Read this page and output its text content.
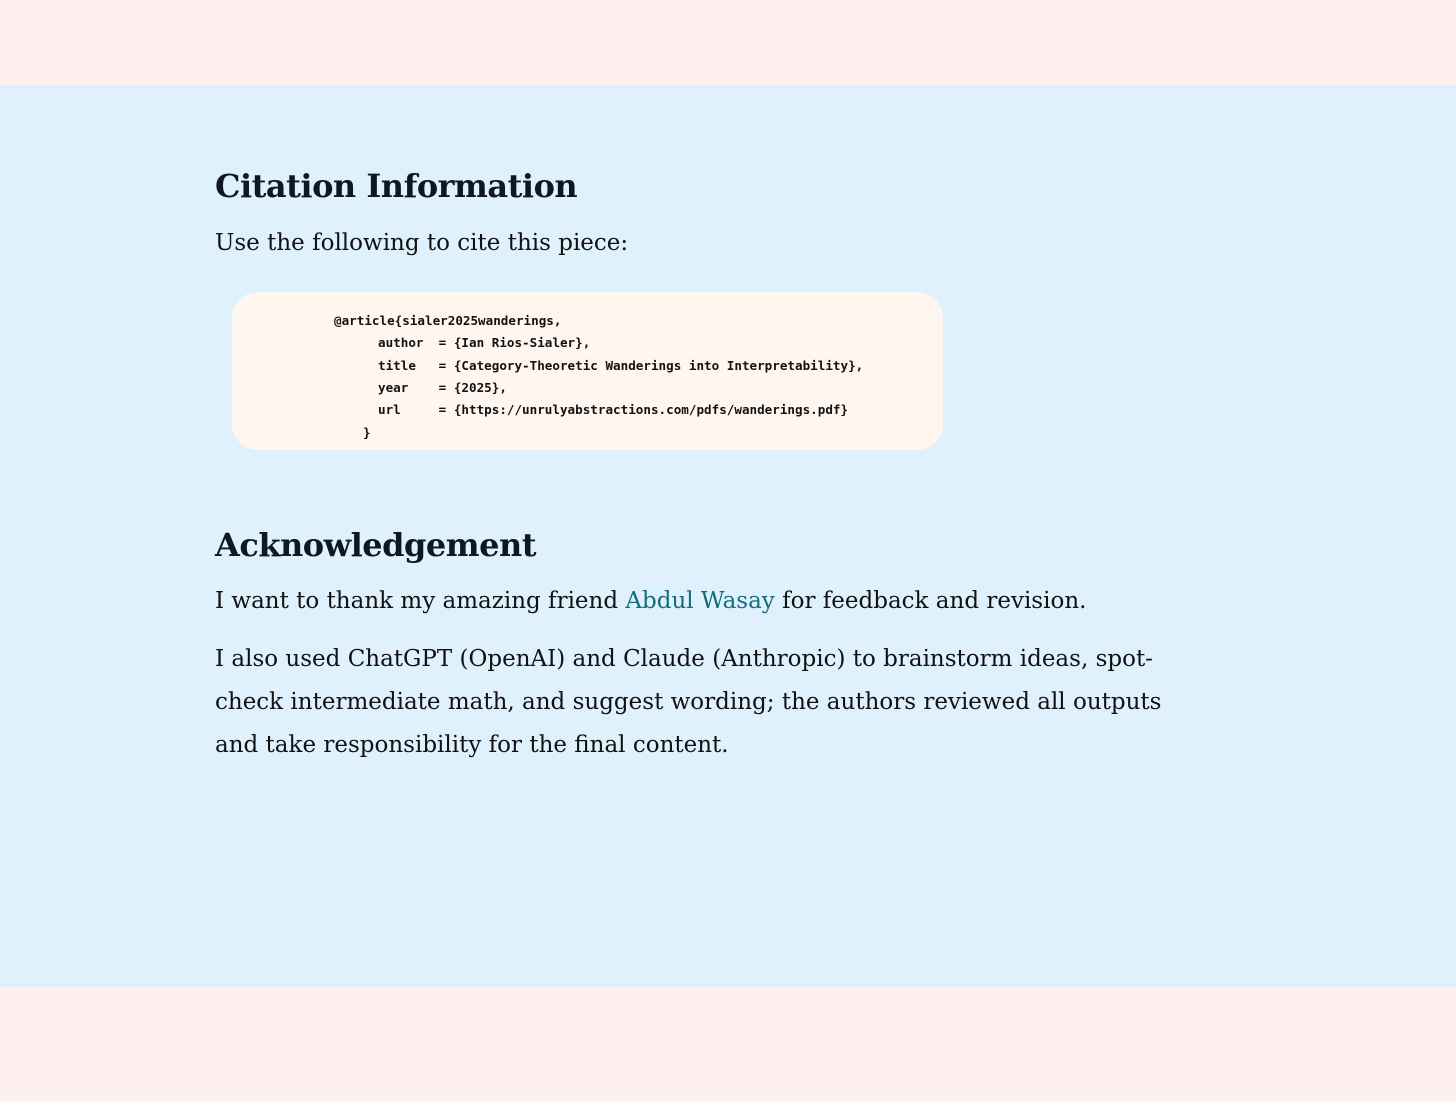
Citation Information

Use the following to cite this piece:

@article{sialer2025wanderings,
author  = {Ian Rios-Sialer},
title   = {Category-Theoretic Wanderings into Interpretability},
year    = {2025},
url     = {https://unrulyabstractions.com/pdfs/wanderings.pdf}
}
Acknowledgement

I want to thank my amazing friend Abdul Wasay for feedback and revision.

I also used ChatGPT (OpenAI) and Claude (Anthropic) to brainstorm ideas, spot-check intermediate math, and suggest wording; the authors reviewed all outputs and take responsibility for the final content.
